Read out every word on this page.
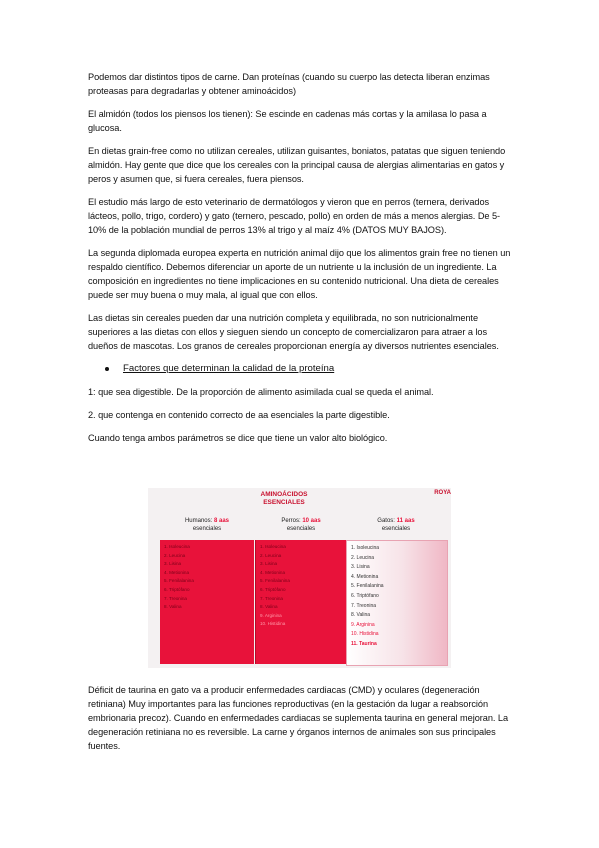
Podemos dar distintos tipos de carne. Dan proteínas (cuando su cuerpo las detecta liberan enzimas proteasas para degradarlas y obtener aminoácidos)

El almidón (todos los piensos los tienen): Se escinde en cadenas más cortas y la amilasa lo pasa a glucosa.

En dietas grain-free como no utilizan cereales, utilizan guisantes, boniatos, patatas que siguen teniendo almidón. Hay gente que dice que los cereales con la principal causa de alergias alimentarias en gatos y peros y asumen que, si fuera cereales, fuera piensos.

El estudio más largo de esto veterinario de dermatólogos y vieron que en perros (ternera, derivados lácteos, pollo, trigo, cordero) y gato (ternero, pescado, pollo) en orden de más a menos alergias. De 5-10% de la población mundial de perros 13% al trigo y al maíz 4% (DATOS MUY BAJOS).

La segunda diplomada europea experta en nutrición animal dijo que los alimentos grain free no tienen un respaldo científico. Debemos diferenciar un aporte de un nutriente u la inclusión de un ingrediente. La composición en ingredientes no tiene implicaciones en su contenido nutricional. Una dieta de cereales puede ser muy buena o muy mala, al igual que con ellos.

Las dietas sin cereales pueden dar una nutrición completa y equilibrada, no son nutricionalmente superiores a las dietas con ellos y sieguen siendo un concepto de comercializaron para atraer a los dueños de mascotas. Los granos de cereales proporcionan energía ay diversos nutrientes esenciales.

Factores que determinan la calidad de la proteína

1: que sea digestible. De la proporción de alimento asimilada cual se queda el animal.

2. que contenga en contenido correcto de aa esenciales la parte digestible.

Cuando tenga ambos parámetros se dice que tiene un valor alto biológico.

ROYA
AMINOÁCIDOS
ESENCIALES
Humanos: 8 aas
esenciales
Perros: 10 aas
esenciales
Gatos: 11 aas
esenciales
1. Isoleucina
2. Leucina
3. Lisina
4. Metionina
5. Fenilalanina
6. Triptófano
7. Treonina
8. Valina
1. Isoleucina
2. Leucina
3. Lisina
4. Metionina
5. Fenilalanina
6. Triptófano
7. Treonina
8. Valina
9. Arginina
10. Histidina
1. Isoleucina
2. Leucina
3. Lisina
4. Metionina
5. Fenilalanina
6. Triptófano
7. Treonina
8. Valina
9. Arginina
10. Histidina
11. Taurina

Déficit de taurina en gato va a producir enfermedades cardiacas (CMD) y oculares (degeneración retiniana) Muy importantes para las funciones reproductivas (en la gestación da lugar a reabsorción embrionaria precoz). Cuando en enfermedades cardiacas se suplementa taurina en general mejoran. La degeneración retiniana no es reversible. La carne y órganos internos de animales son sus principales fuentes.
